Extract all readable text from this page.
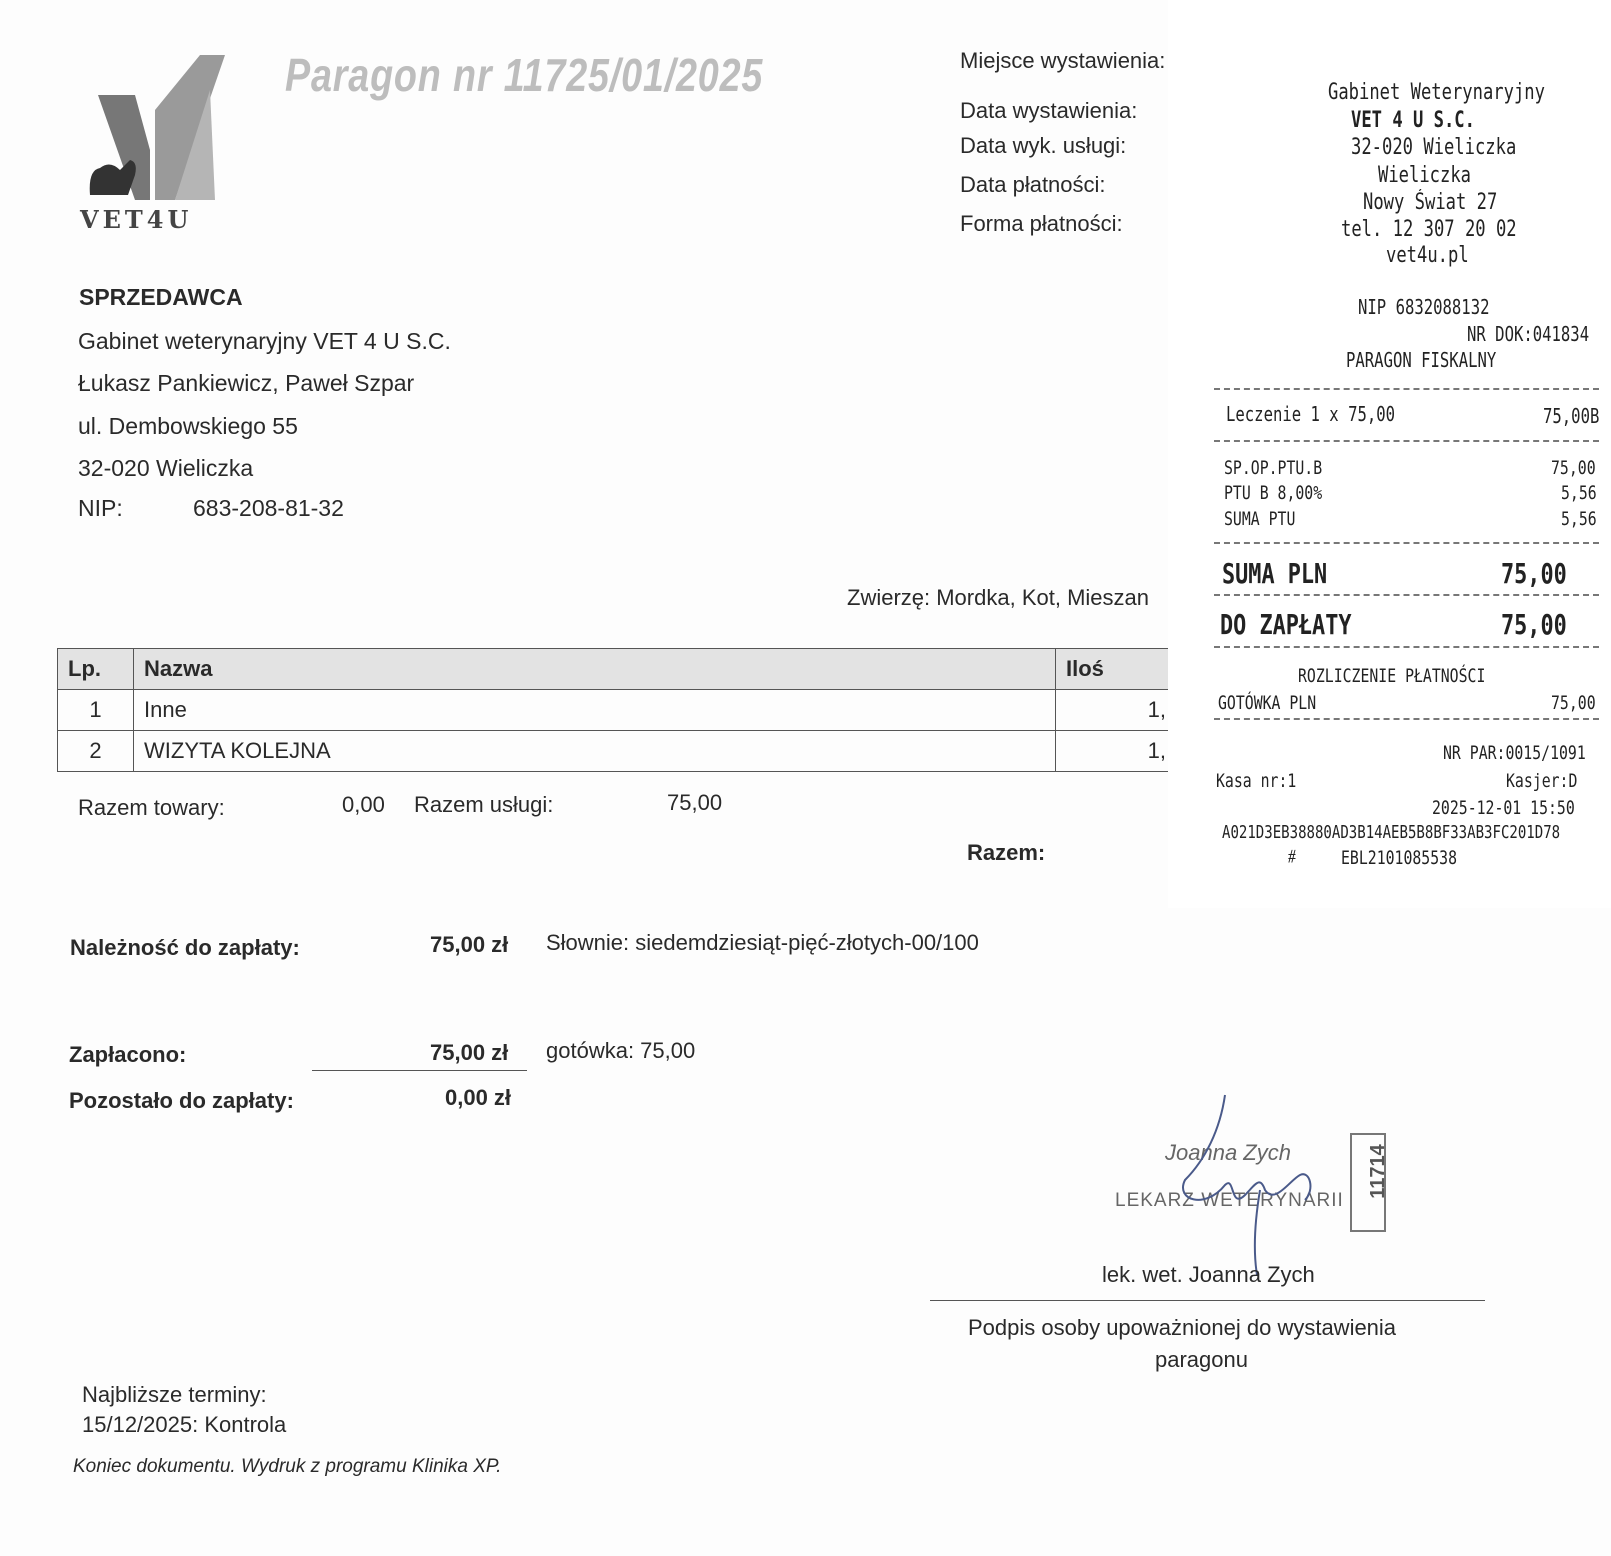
VET4U
Paragon nr 11725/01/2025	Miejsce wystawienia:
Data wystawienia:
Data wyk. usługi:
Data płatności:
Forma płatności:
SPRZEDAWCA
Gabinet weterynaryjny VET 4 U S.C.
Łukasz Pankiewicz, Paweł Szpar
ul. Dembowskiego 55
32-020 Wieliczka
NIP:	683-208-81-32
Zwierzę: Mordka, Kot, Mieszan
Lp.	Nazwa	Iloś
1	Inne	1,
2	WIZYTA KOLEJNA	1,
Razem towary:	0,00 Razem usługi:	75,00
Razem:
Należność do zapłaty:	75,00 zł Słownie: siedemdziesiąt-pięć-złotych-00/100
Zapłacono:	75,00 zł gotówka: 75,00
Pozostało do zapłaty:	0,00 zł
Joanna Zych
LEKARZ WETERYNARII
11714
lek. wet. Joanna Zych
Podpis osoby upoważnionej do wystawienia
paragonu
Najbliższe terminy:
15/12/2025: Kontrola
Koniec dokumentu. Wydruk z programu Klinika XP.
Gabinet Weterynaryjny
VET 4 U S.C.
32-020 Wieliczka
Wieliczka
Nowy Świat 27
tel. 12 307 20 02
vet4u.pl
NIP 6832088132
NR DOK:041834
PARAGON FISKALNY
Leczenie 1 x 75,00	75,00B
SP.OP.PTU.B	75,00
PTU B 8,00%	5,56
SUMA PTU	5,56
SUMA PLN	75,00
DO ZAPŁATY	75,00
ROZLICZENIE PŁATNOŚCI
GOTÓWKA PLN	75,00
NR PAR:0015/1091
Kasa nr:1	Kasjer:D
2025-12-01 15:50
A021D3EB38880AD3B14AEB5B8BF33AB3FC201D78
⧣ EBL2101085538
